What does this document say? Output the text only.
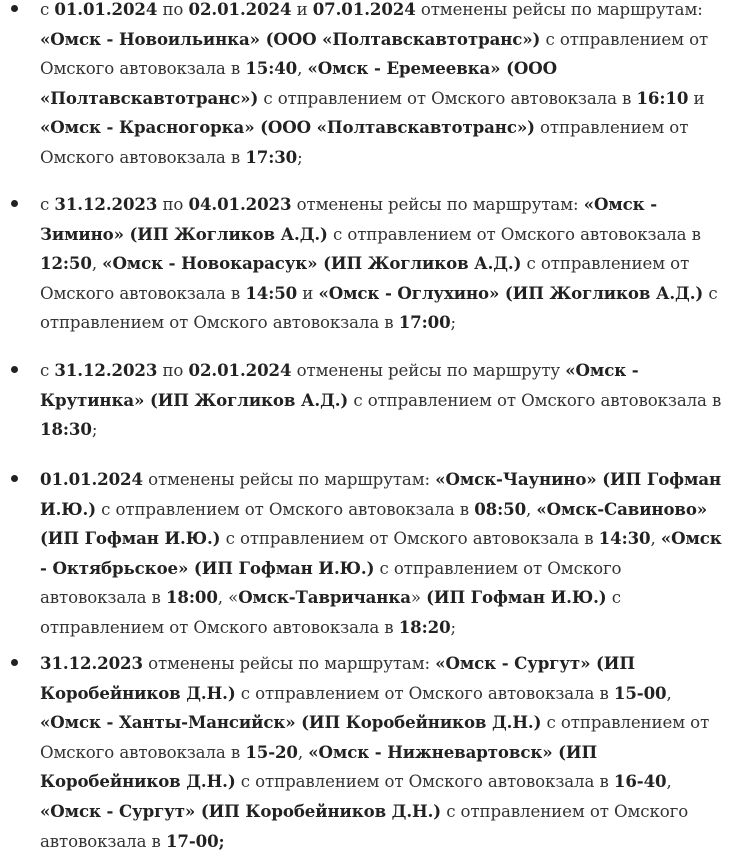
с 01.01.2024 по 02.01.2024 и 07.01.2024 отменены рейсы по маршрутам: «Омск - Новоильинка» (ООО «Полтавскавтотранс») с отправлением от Омского автовокзала в 15:40, «Омск - Еремеевка» (ООО «Полтавскавтотранс») с отправлением от Омского автовокзала в 16:10 и «Омск - Красногорка» (ООО «Полтавскавтотранс») отправлением от Омского автовокзала в 17:30;
с 31.12.2023 по 04.01.2023 отменены рейсы по маршрутам: «Омск - Зимино» (ИП Жогликов А.Д.) с отправлением от Омского автовокзала в 12:50, «Омск - Новокарасук» (ИП Жогликов А.Д.) с отправлением от Омского автовокзала в 14:50 и «Омск - Оглухино» (ИП Жогликов А.Д.) с отправлением от Омского автовокзала в 17:00;
с 31.12.2023 по 02.01.2024 отменены рейсы по маршруту «Омск - Крутинка» (ИП Жогликов А.Д.) с отправлением от Омского автовокзала в 18:30;
01.01.2024 отменены рейсы по маршрутам: «Омск-Чаунино» (ИП Гофман И.Ю.) с отправлением от Омского автовокзала в 08:50, «Омск-Савиново» (ИП Гофман И.Ю.) с отправлением от Омского автовокзала в 14:30, «Омск - Октябрьское» (ИП Гофман И.Ю.) с отправлением от Омского автовокзала в 18:00, «Омск-Тавричанка» (ИП Гофман И.Ю.) с отправлением от Омского автовокзала в 18:20;
31.12.2023 отменены рейсы по маршрутам: «Омск - Сургут» (ИП Коробейников Д.Н.) с отправлением от Омского автовокзала в 15-00, «Омск - Ханты-Мансийск» (ИП Коробейников Д.Н.) с отправлением от Омского автовокзала в 15-20, «Омск - Нижневартовск» (ИП Коробейников Д.Н.) с отправлением от Омского автовокзала в 16-40, «Омск - Сургут» (ИП Коробейников Д.Н.) с отправлением от Омского автовокзала в 17-00;
